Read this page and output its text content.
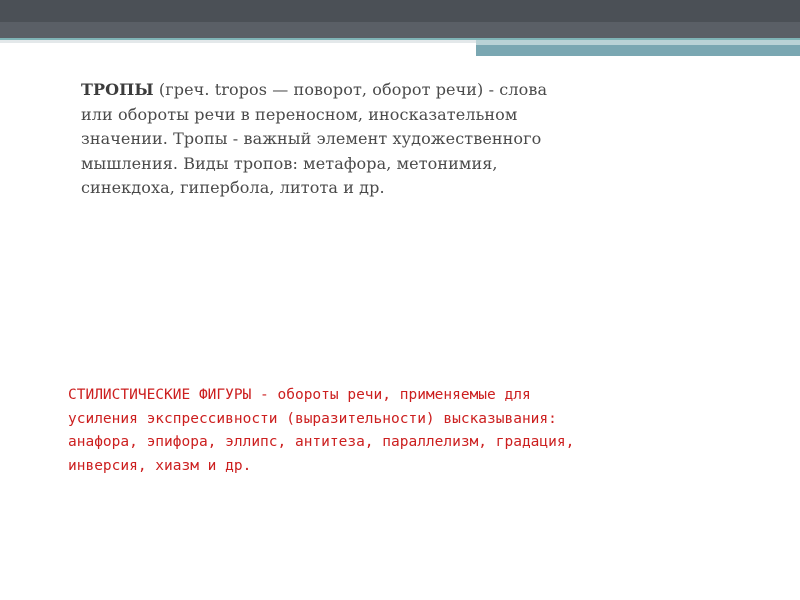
ТРОПЫ (греч. tropos — поворот, оборот речи) - слова или обороты речи в переносном, иносказательном значении. Тропы - важный элемент художественного мышления. Виды тропов: метафора, метонимия, синекдоха, гипербола, литота и др.
СТИЛИСТИЧЕСКИЕ ФИГУРЫ - обороты речи, применяемые для усиления экспрессивности (выразительности) высказывания: анафора, эпифора, эллипс, антитеза, параллелизм, градация, инверсия, хиазм и др.
